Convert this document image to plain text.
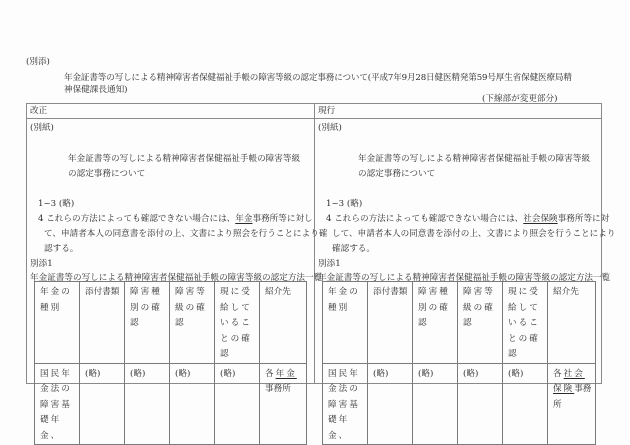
(別添)
年金証書等の写しによる精神障害者保健福祉手帳の障害等級の認定事務について(平成7年9月28日健医精発第59号厚生省保健医療局精
神保健課長通知)
(下線部が変更部分)
改正
(別紙)
年金証書等の写しによる精神障害者保健福祉手帳の障害等級
の認定事務について
1~3 (略)
4 これらの方法によっても確認できない場合には、年金事務所等に対し
て、申請者本人の同意書を添付の上、文書により照会を行うことにより確
認する。
別添1
年金証書等の写しによる精神障害者保健福祉手帳の障害等級の認定方法一覧
年金の種別	添付書類	障害種別の確認	障害等級の確認	現に受給していることの確認	紹介先
国民年金法の障害基礎年金、	(略)	(略)	(略)	(略)	各年金事務所
現行
(別紙)
年金証書等の写しによる精神障害者保健福祉手帳の障害等級
の認定事務について
1~3 (略)
4 これらの方法によっても確認できない場合には、社会保険事務所等に対
して、申請者本人の同意書を添付の上、文書により照会を行うことにより
確認する。
別添1
年金証書等の写しによる精神障害者保健福祉手帳の障害等級の認定方法一覧
年金の種別	添付書類	障害種別の確認	障害等級の確認	現に受給していることの確認	紹介先
国民年金法の障害基礎年金、	(略)	(略)	(略)	(略)	各社会保険事務所
